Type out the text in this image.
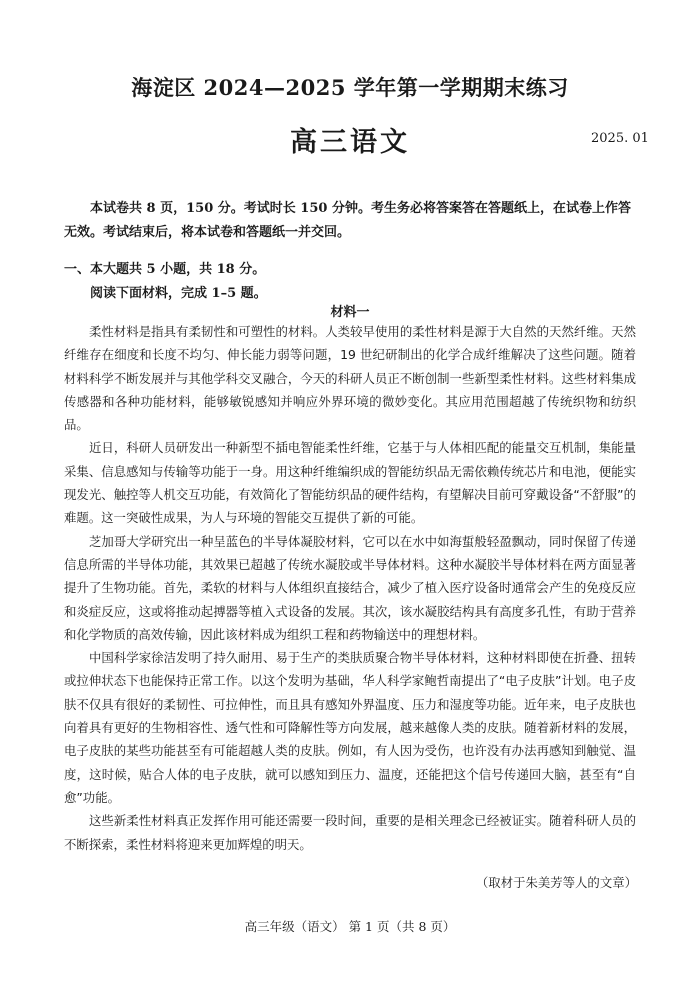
海淀区 2024—2025 学年第一学期期末练习
高三语文	2025. 01
本试卷共 8 页，150 分。考试时长 150 分钟。考生务必将答案答在答题纸上，在试卷上作答无效。考试结束后，将本试卷和答题纸一并交回。
一、本大题共 5 小题，共 18 分。
阅读下面材料，完成 1–5 题。
材料一

柔性材料是指具有柔韧性和可塑性的材料。人类较早使用的柔性材料是源于大自然的天然纤维。天然纤维存在细度和长度不均匀、伸长能力弱等问题，19 世纪研制出的化学合成纤维解决了这些问题。随着材料科学不断发展并与其他学科交叉融合，今天的科研人员正不断创制一些新型柔性材料。这些材料集成传感器和各种功能材料，能够敏锐感知并响应外界环境的微妙变化。其应用范围超越了传统织物和纺织品。

近日，科研人员研发出一种新型不插电智能柔性纤维，它基于与人体相匹配的能量交互机制，集能量采集、信息感知与传输等功能于一身。用这种纤维编织成的智能纺织品无需依赖传统芯片和电池，便能实现发光、触控等人机交互功能，有效简化了智能纺织品的硬件结构，有望解决目前可穿戴设备“不舒服”的难题。这一突破性成果，为人与环境的智能交互提供了新的可能。

芝加哥大学研究出一种呈蓝色的半导体凝胶材料，它可以在水中如海蜇般轻盈飘动，同时保留了传递信息所需的半导体功能，其效果已超越了传统水凝胶或半导体材料。这种水凝胶半导体材料在两方面显著提升了生物功能。首先，柔软的材料与人体组织直接结合，减少了植入医疗设备时通常会产生的免疫反应和炎症反应，这或将推动起搏器等植入式设备的发展。其次，该水凝胶结构具有高度多孔性，有助于营养和化学物质的高效传输，因此该材料成为组织工程和药物输送中的理想材料。

中国科学家徐洁发明了持久耐用、易于生产的类肤质聚合物半导体材料，这种材料即使在折叠、扭转或拉伸状态下也能保持正常工作。以这个发明为基础，华人科学家鲍哲南提出了“电子皮肤”计划。电子皮肤不仅具有很好的柔韧性、可拉伸性，而且具有感知外界温度、压力和湿度等功能。近年来，电子皮肤也向着具有更好的生物相容性、透气性和可降解性等方向发展，越来越像人类的皮肤。随着新材料的发展，电子皮肤的某些功能甚至有可能超越人类的皮肤。例如，有人因为受伤，也许没有办法再感知到触觉、温度，这时候，贴合人体的电子皮肤，就可以感知到压力、温度，还能把这个信号传递回大脑，甚至有“自愈”功能。

这些新柔性材料真正发挥作用可能还需要一段时间，重要的是相关理念已经被证实。随着科研人员的不断探索，柔性材料将迎来更加辉煌的明天。

（取材于朱美芳等人的文章）
高三年级（语文） 第 1 页（共 8 页）
